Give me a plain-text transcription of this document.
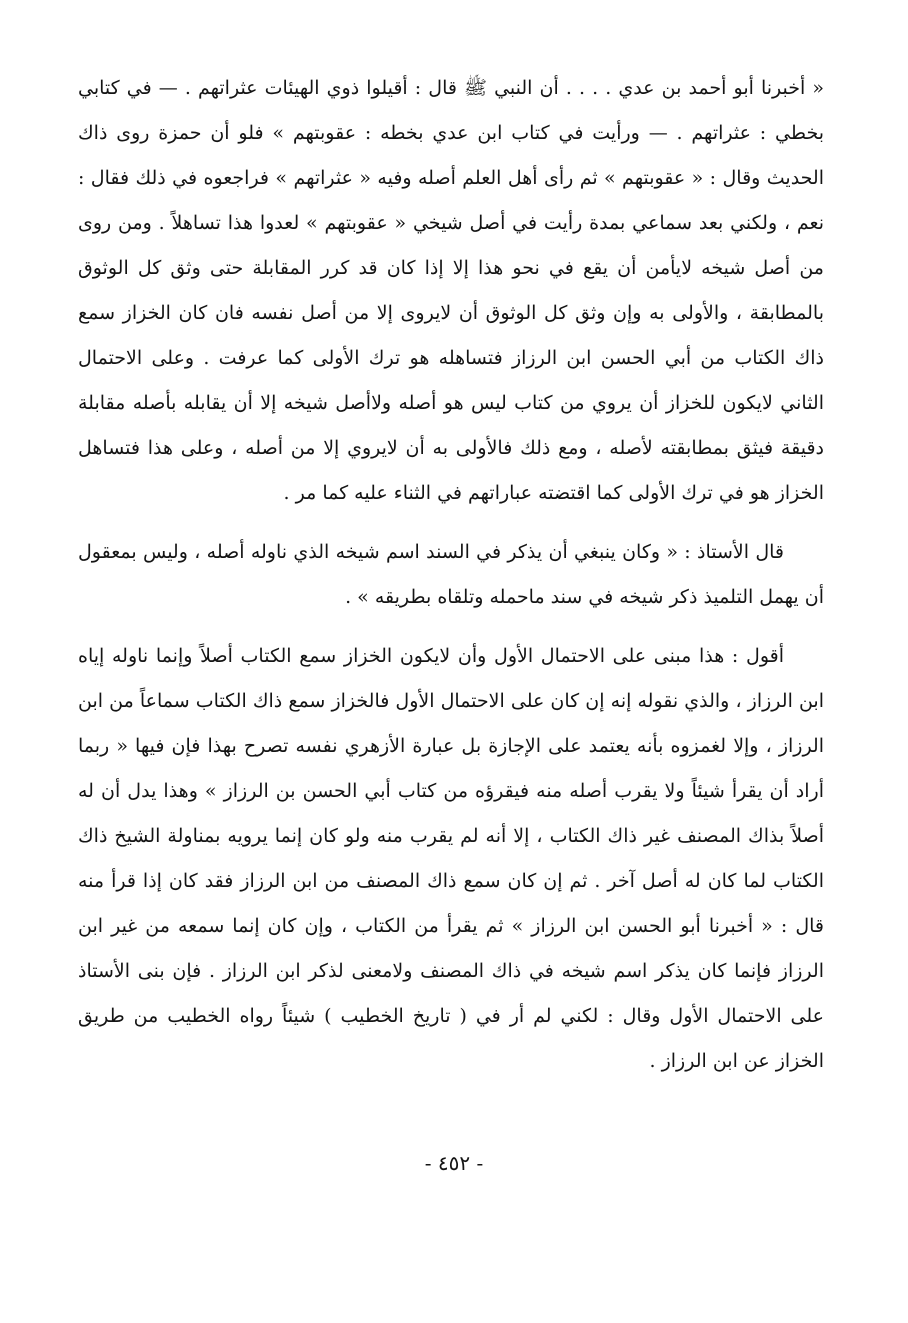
« أخبرنا أبو أحمد بن عدي . . . . أن النبي ﷺ قال : أقيلوا ذوي الهيئات عثراتهم . — في كتابي بخطي : عثراتهم . — ورأيت في كتاب ابن عدي بخطه : عقوبتهم » فلو أن حمزة روى ذاك الحديث وقال : « عقوبتهم » ثم رأى أهل العلم أصله وفيه « عثراتهم » فراجعوه في ذلك فقال : نعم ، ولكني بعد سماعي بمدة رأيت في أصل شيخي « عقوبتهم » لعدوا هذا تساهلاً . ومن روى من أصل شيخه لايأمن أن يقع في نحو هذا إلا إذا كان قد كرر المقابلة حتى وثق كل الوثوق بالمطابقة ، والأولى به وإن وثق كل الوثوق أن لايروى إلا من أصل نفسه فان كان الخزاز سمع ذاك الكتاب من أبي الحسن ابن الرزاز فتساهله هو ترك الأولى كما عرفت . وعلى الاحتمال الثاني لايكون للخزاز أن يروي من كتاب ليس هو أصله ولاأصل شيخه إلا أن يقابله بأصله مقابلة دقيقة فيثق بمطابقته لأصله ، ومع ذلك فالأولى به أن لايروي إلا من أصله ، وعلى هذا فتساهل الخزاز هو في ترك الأولى كما اقتضته عباراتهم في الثناء عليه كما مر .

قال الأستاذ : « وكان ينبغي أن يذكر في السند اسم شيخه الذي ناوله أصله ، وليس بمعقول أن يهمل التلميذ ذكر شيخه في سند ماحمله وتلقاه بطريقه » .

أقول : هذا مبنى على الاحتمال الأول وأن لايكون الخزاز سمع الكتاب أصلاً وإنما ناوله إياه ابن الرزاز ، والذي نقوله إنه إن كان على الاحتمال الأول فالخزاز سمع ذاك الكتاب سماعاً من ابن الرزاز ، وإلا لغمزوه بأنه يعتمد على الإجازة بل عبارة الأزهري نفسه تصرح بهذا فإن فيها « ربما أراد أن يقرأ شيئاً ولا يقرب أصله منه فيقرؤه من كتاب أبي الحسن بن الرزاز » وهذا يدل أن له أصلاً بذاك المصنف غير ذاك الكتاب ، إلا أنه لم يقرب منه ولو كان إنما يرويه بمناولة الشيخ ذاك الكتاب لما كان له أصل آخر . ثم إن كان سمع ذاك المصنف من ابن الرزاز فقد كان إذا قرأ منه قال : « أخبرنا أبو الحسن ابن الرزاز » ثم يقرأ من الكتاب ، وإن كان إنما سمعه من غير ابن الرزاز فإنما كان يذكر اسم شيخه في ذاك المصنف ولامعنى لذكر ابن الرزاز . فإن بنى الأستاذ على الاحتمال الأول وقال : لكني لم أر في ( تاريخ الخطيب ) شيئاً رواه الخطيب من طريق الخزاز عن ابن الرزاز .

- ٤٥٢ -
